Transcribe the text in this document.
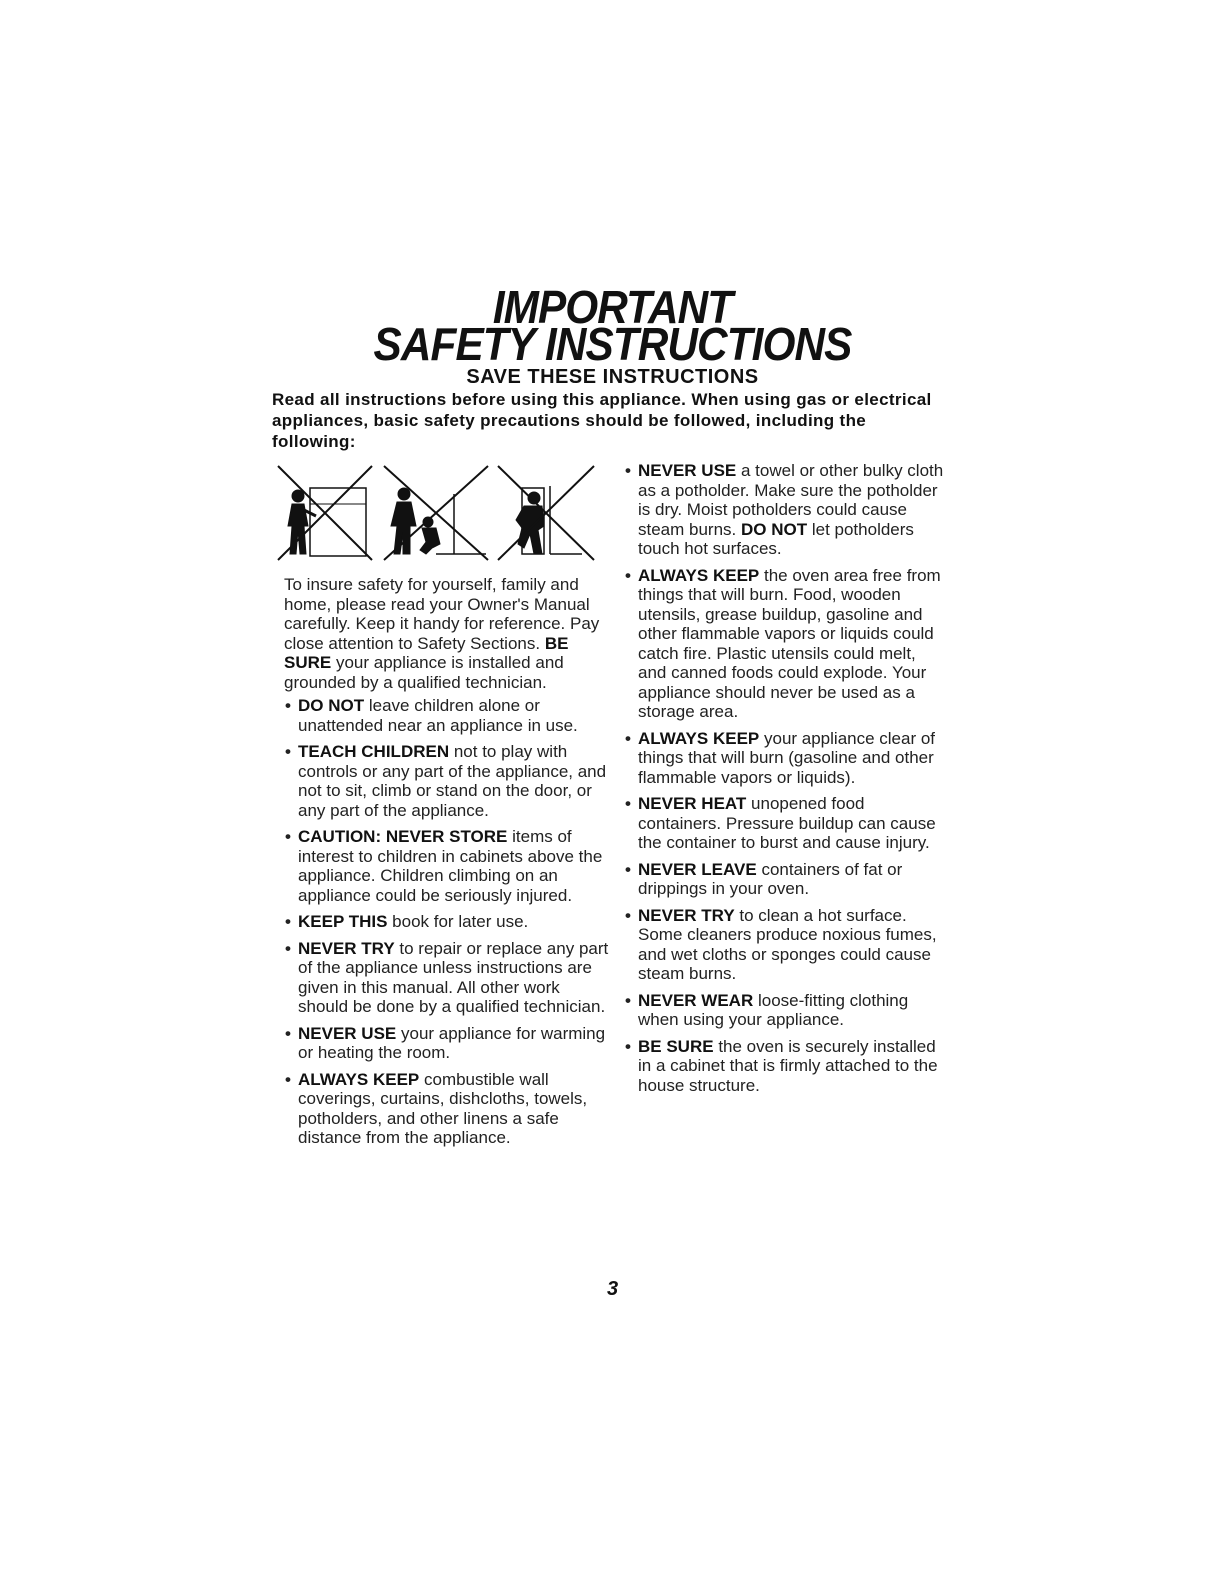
IMPORTANT
SAFETY INSTRUCTIONS
SAVE THESE INSTRUCTIONS
Read all instructions before using this appliance. When using gas or electrical appliances, basic safety precautions should be followed, including the following:

To insure safety for yourself, family and home, please read your Owner's Manual carefully. Keep it handy for reference. Pay close attention to Safety Sections. BE SURE your appliance is installed and grounded by a qualified technician.

• DO NOT leave children alone or unattended near an appliance in use.
• TEACH CHILDREN not to play with controls or any part of the appliance, and not to sit, climb or stand on the door, or any part of the appliance.
• CAUTION: NEVER STORE items of interest to children in cabinets above the appliance. Children climbing on an appliance could be seriously injured.
• KEEP THIS book for later use.
• NEVER TRY to repair or replace any part of the appliance unless instructions are given in this manual. All other work should be done by a qualified technician.
• NEVER USE your appliance for warming or heating the room.
• ALWAYS KEEP combustible wall coverings, curtains, dishcloths, towels, potholders, and other linens a safe distance from the appliance.
• NEVER USE a towel or other bulky cloth as a potholder. Make sure the potholder is dry. Moist potholders could cause steam burns. DO NOT let potholders touch hot surfaces.
• ALWAYS KEEP the oven area free from things that will burn. Food, wooden utensils, grease buildup, gasoline and other flammable vapors or liquids could catch fire. Plastic utensils could melt, and canned foods could explode. Your appliance should never be used as a storage area.
• ALWAYS KEEP your appliance clear of things that will burn (gasoline and other flammable vapors or liquids).
• NEVER HEAT unopened food containers. Pressure buildup can cause the container to burst and cause injury.
• NEVER LEAVE containers of fat or drippings in your oven.
• NEVER TRY to clean a hot surface. Some cleaners produce noxious fumes, and wet cloths or sponges could cause steam burns.
• NEVER WEAR loose-fitting clothing when using your appliance.
• BE SURE the oven is securely installed in a cabinet that is firmly attached to the house structure.
3
